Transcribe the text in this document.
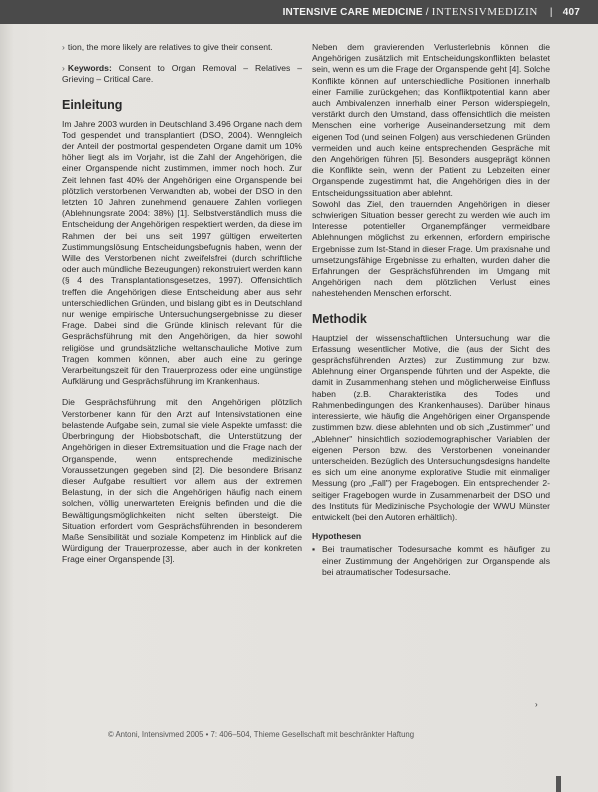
INTENSIVE CARE MEDICINE / INTENSIVMEDIZIN | 407

› tion, the more likely are relatives to give their consent.

› Keywords: Consent to Organ Removal – Relatives – Grieving – Critical Care.

Einleitung

Im Jahre 2003 wurden in Deutschland 3.496 Organe nach dem Tod gespendet und transplantiert (DSO, 2004). Wenngleich der Anteil der postmortal gespendeten Organe damit um 10% höher liegt als im Vorjahr, ist die Zahl der Angehörigen, die einer Organspende nicht zustimmen, immer noch hoch. Zur Zeit lehnen fast 40% der Angehörigen eine Organspende bei plötzlich verstorbenen Verwandten ab, wobei der DSO in den letzten 10 Jahren zunehmend genauere Zahlen vorliegen (Ablehnungsrate 2004: 38%) [1]. Selbstverständlich muss die Entscheidung der Angehörigen respektiert werden, da diese im Rahmen der bei uns seit 1997 gültigen erweiterten Zustimmungslösung Entscheidungsbefugnis haben, wenn der Wille des Verstorbenen nicht zweifelsfrei (durch schriftliche oder auch mündliche Bezeugungen) rekonstruiert werden kann (§ 4 des Transplantationsgesetzes, 1997). Offensichtlich treffen die Angehörigen diese Entscheidung aber aus sehr unterschiedlichen Gründen, und bislang gibt es in Deutschland nur wenige empirische Untersuchungsergebnisse zu dieser Frage. Dabei sind die Gründe klinisch relevant für die Gesprächsführung mit den Angehörigen, da hier sowohl religiöse und grundsätzliche weltanschauliche Motive zum Tragen kommen können, aber auch eine zu geringe Verarbeitungszeit für den Trauerprozess oder eine ungünstige Aufklärung und Gesprächsführung im Krankenhaus.

Die Gesprächsführung mit den Angehörigen plötzlich Verstorbener kann für den Arzt auf Intensivstationen eine belastende Aufgabe sein, zumal sie viele Aspekte umfasst: die Überbringung der Hiobsbotschaft, die Unterstützung der Angehörigen in dieser Extremsituation und die Frage nach der Organspende, wenn entsprechende medizinische Voraussetzungen gegeben sind [2]. Die besondere Brisanz dieser Aufgabe resultiert vor allem aus der extremen Belastung, in der sich die Angehörigen häufig nach einem solchen, völlig unerwarteten Ereignis befinden und die die Bewältigungsmöglichkeiten nicht selten übersteigt. Die Situation erfordert vom Gesprächsführenden in besonderem Maße Sensibilität und soziale Kompetenz im Hinblick auf die Würdigung der Trauerprozesse, aber auch in der konkreten Frage einer Organspende [3].

Neben dem gravierenden Verlusterlebnis können die Angehörigen zusätzlich mit Entscheidungskonflikten belastet sein, wenn es um die Frage der Organspende geht [4]. Solche Konflikte können auf unterschiedliche Positionen innerhalb einer Familie zurückgehen; das Konfliktpotential kann aber auch Ambivalenzen innerhalb einer Person widerspiegeln, verstärkt durch den Umstand, dass offensichtlich die meisten Menschen eine vorherige Auseinandersetzung mit dem eigenen Tod (und seinen Folgen) aus verschiedenen Gründen vermeiden und auch keine entsprechenden Gespräche mit den Angehörigen führen [5]. Besonders ausgeprägt können die Konflikte sein, wenn der Patient zu Lebzeiten einer Organspende zugestimmt hat, die Angehörigen dies in der Entscheidungssituation aber ablehnt.

Sowohl das Ziel, den trauernden Angehörigen in dieser schwierigen Situation besser gerecht zu werden wie auch im Interesse potentieller Organempfänger vermeidbare Ablehnungen möglichst zu erkennen, erfordern empirische Ergebnisse zum Ist-Stand in dieser Frage. Um praxisnahe und umsetzungsfähige Ergebnisse zu erhalten, wurden daher die Erfahrungen der Gesprächsführenden im Umgang mit Angehörigen nach dem plötzlichen Verlust eines nahestehenden Menschen erforscht.

Methodik

Hauptziel der wissenschaftlichen Untersuchung war die Erfassung wesentlicher Motive, die (aus der Sicht des gesprächsführenden Arztes) zur Zustimmung zur bzw. Ablehnung einer Organspende führten und der Aspekte, die damit in Zusammenhang stehen und möglicherweise Einfluss haben (z.B. Charakteristika des Todes und Rahmenbedingungen des Krankenhauses). Darüber hinaus interessierte, wie häufig die Angehörigen einer Organspende zustimmen bzw. diese ablehnten und ob sich „Zustimmer" und „Ablehner" hinsichtlich soziodemographischer Variablen der eigenen Person bzw. des Verstorbenen voneinander unterscheiden. Bezüglich des Untersuchungsdesigns handelte es sich um eine anonyme explorative Studie mit einmaliger Messung (pro „Fall") per Fragebogen. Ein entsprechender 2-seitiger Fragebogen wurde in Zusammenarbeit der DSO und des Instituts für Medizinische Psychologie der WWU Münster entwickelt (bei den Autoren erhältlich).

Hypothesen
▪ Bei traumatischer Todesursache kommt es häufiger zu einer Zustimmung der Angehörigen zur Organspende als bei atraumatischer Todesursache.
›
© Antoni, Intensivmed 2005 • 7: 406–504, Thieme Gesellschaft mit beschränkter Haftung
